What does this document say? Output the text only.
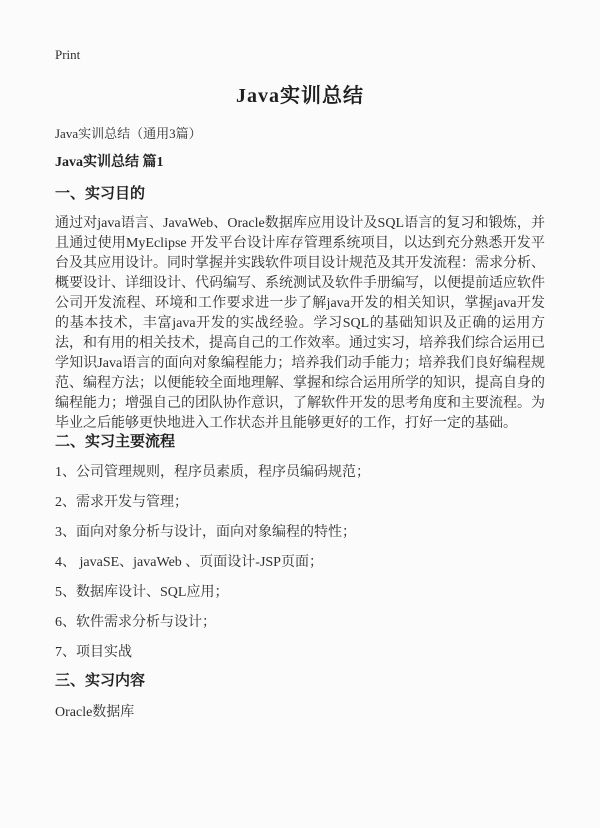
Print
Java实训总结
Java实训总结（通用3篇）
Java实训总结 篇1
一、实习目的
通过对java语言、JavaWeb、Oracle数据库应用设计及SQL语言的复习和锻炼，并且通过使用MyEclipse 开发平台设计库存管理系统项目，以达到充分熟悉开发平台及其应用设计。同时掌握并实践软件项目设计规范及其开发流程：需求分析、概要设计、详细设计、代码编写、系统测试及软件手册编写，以便提前适应软件公司开发流程、环境和工作要求进一步了解java开发的相关知识，掌握java开发的基本技术，丰富java开发的实战经验。学习SQL的基础知识及正确的运用方法，和有用的相关技术，提高自己的工作效率。通过实习，培养我们综合运用已学知识Java语言的面向对象编程能力；培养我们动手能力；培养我们良好编程规范、编程方法；以便能较全面地理解、掌握和综合运用所学的知识，提高自身的编程能力；增强自己的团队协作意识，了解软件开发的思考角度和主要流程。为毕业之后能够更快地进入工作状态并且能够更好的工作，打好一定的基础。
二、实习主要流程
1、公司管理规则，程序员素质，程序员编码规范；
2、需求开发与管理；
3、面向对象分析与设计，面向对象编程的特性；
4、 javaSE、javaWeb 、页面设计-JSP页面；
5、数据库设计、SQL应用；
6、软件需求分析与设计；
7、项目实战
三、实习内容
Oracle数据库
